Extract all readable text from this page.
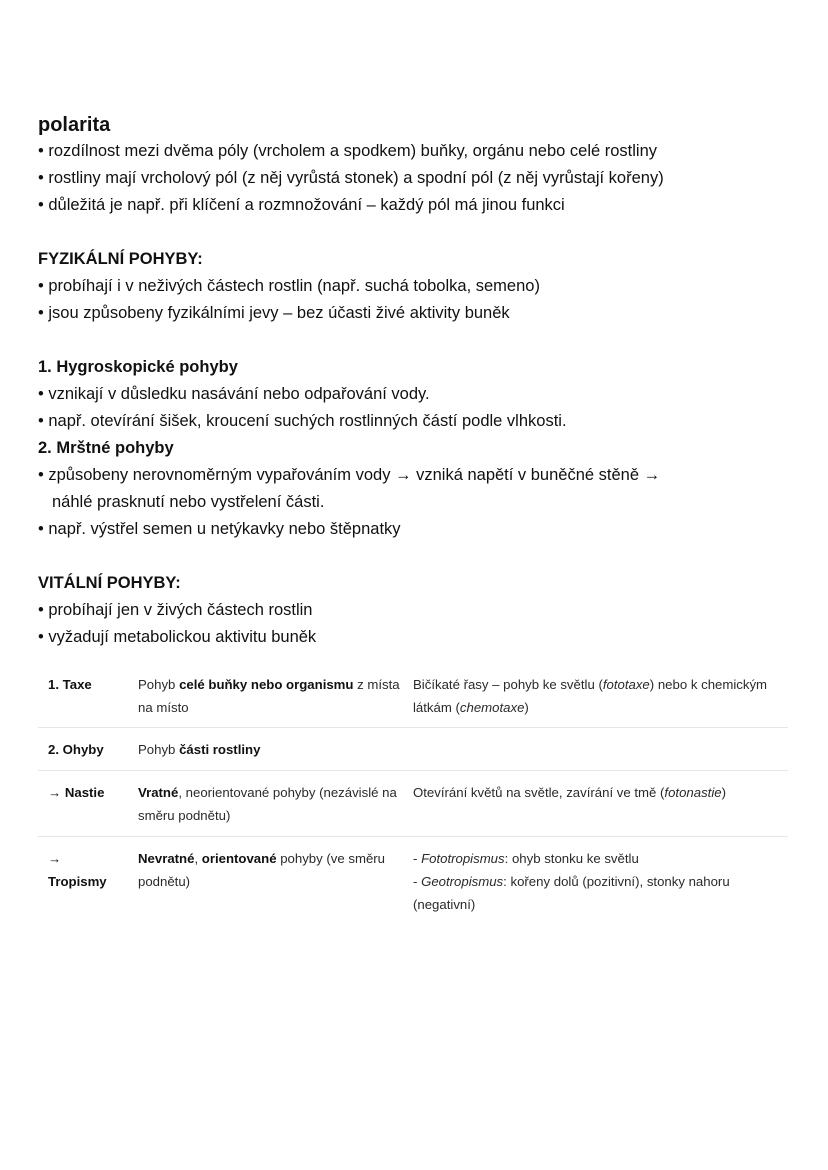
polarita

• rozdílnost mezi dvěma póly (vrcholem a spodkem) buňky, orgánu nebo celé rostliny

• rostliny mají vrcholový pól (z něj vyrůstá stonek) a spodní pól (z něj vyrůstají kořeny)

• důležitá je např. při klíčení a rozmnožování – každý pól má jinou funkci

FYZIKÁLNÍ POHYBY:

• probíhají i v neživých částech rostlin (např. suchá tobolka, semeno)

• jsou způsobeny fyzikálními jevy – bez účasti živé aktivity buněk

1. Hygroskopické pohyby

• vznikají v důsledku nasávání nebo odpařování vody.

• např. otevírání šišek, kroucení suchých rostlinných částí podle vlhkosti.

2. Mrštné pohyby

• způsobeny nerovnoměrným vypařováním vody → vzniká napětí v buněčné stěně →

náhlé prasknutí nebo vystřelení části.

• např. výstřel semen u netýkavky nebo štěpnatky

VITÁLNÍ POHYBY:

• probíhají jen v živých částech rostlin

• vyžadují metabolickou aktivitu buněk

1. Taxe	Pohyb celé buňky nebo organismu z místa na místo	Bičíkaté řasy – pohyb ke světlu (fototaxe) nebo k chemickým látkám (chemotaxe)
2. Ohyby	Pohyb části rostliny	
→ Nastie	Vratné, neorientované pohyby (nezávislé na směru podnětu)	Otevírání květů na světle, zavírání ve tmě (fotonastie)
→
Tropismy	Nevratné, orientované pohyby (ve směru podnětu)	- Fototropismus: ohyb stonku ke světlu
- Geotropismus: kořeny dolů (pozitivní), stonky nahoru (negativní)
